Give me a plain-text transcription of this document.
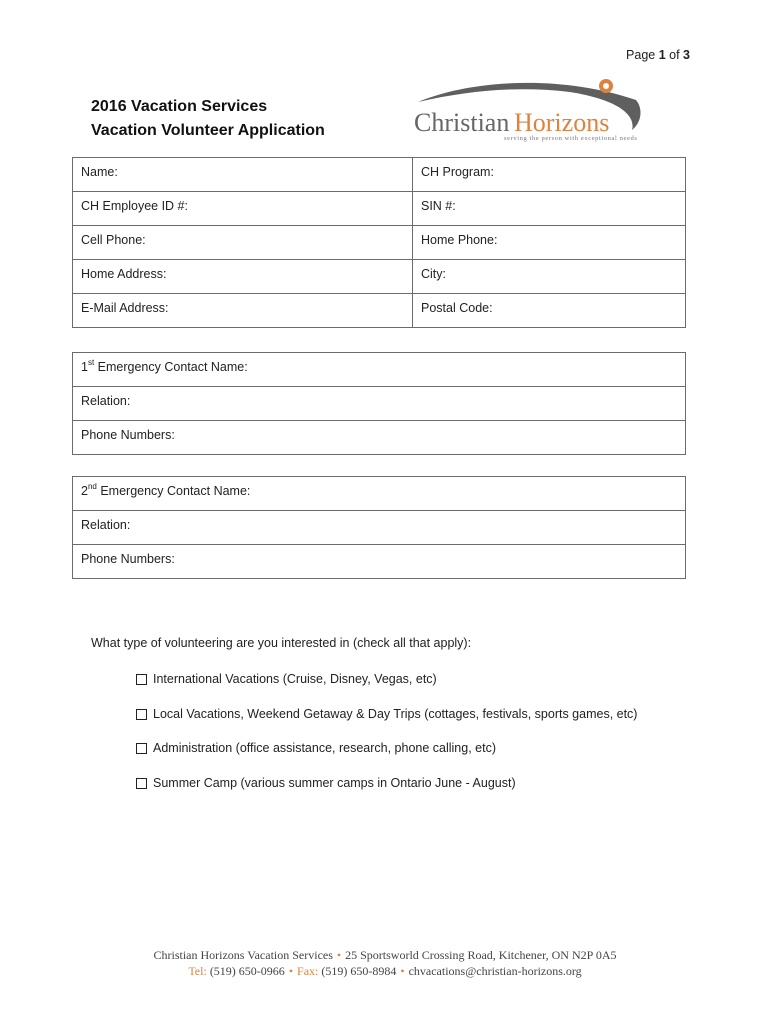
Page 1 of 3
2016 Vacation Services
Vacation Volunteer Application	Christian Horizons
serving the person with exceptional needs
Name:	CH Program:
CH Employee ID #:	SIN #:
Cell Phone:	Home Phone:
Home Address:	City:
E-Mail Address:	Postal Code:
1st Emergency Contact Name:
Relation:
Phone Numbers:
2nd Emergency Contact Name:
Relation:
Phone Numbers:
What type of volunteering are you interested in (check all that apply):
International Vacations (Cruise, Disney, Vegas, etc)
Local Vacations, Weekend Getaway & Day Trips (cottages, festivals, sports games, etc)
Administration (office assistance, research, phone calling, etc)
Summer Camp (various summer camps in Ontario June - August)
Christian Horizons Vacation Services • 25 Sportsworld Crossing Road, Kitchener, ON N2P 0A5
Tel: (519) 650-0966 • Fax: (519) 650-8984 • chvacations@christian-horizons.org
